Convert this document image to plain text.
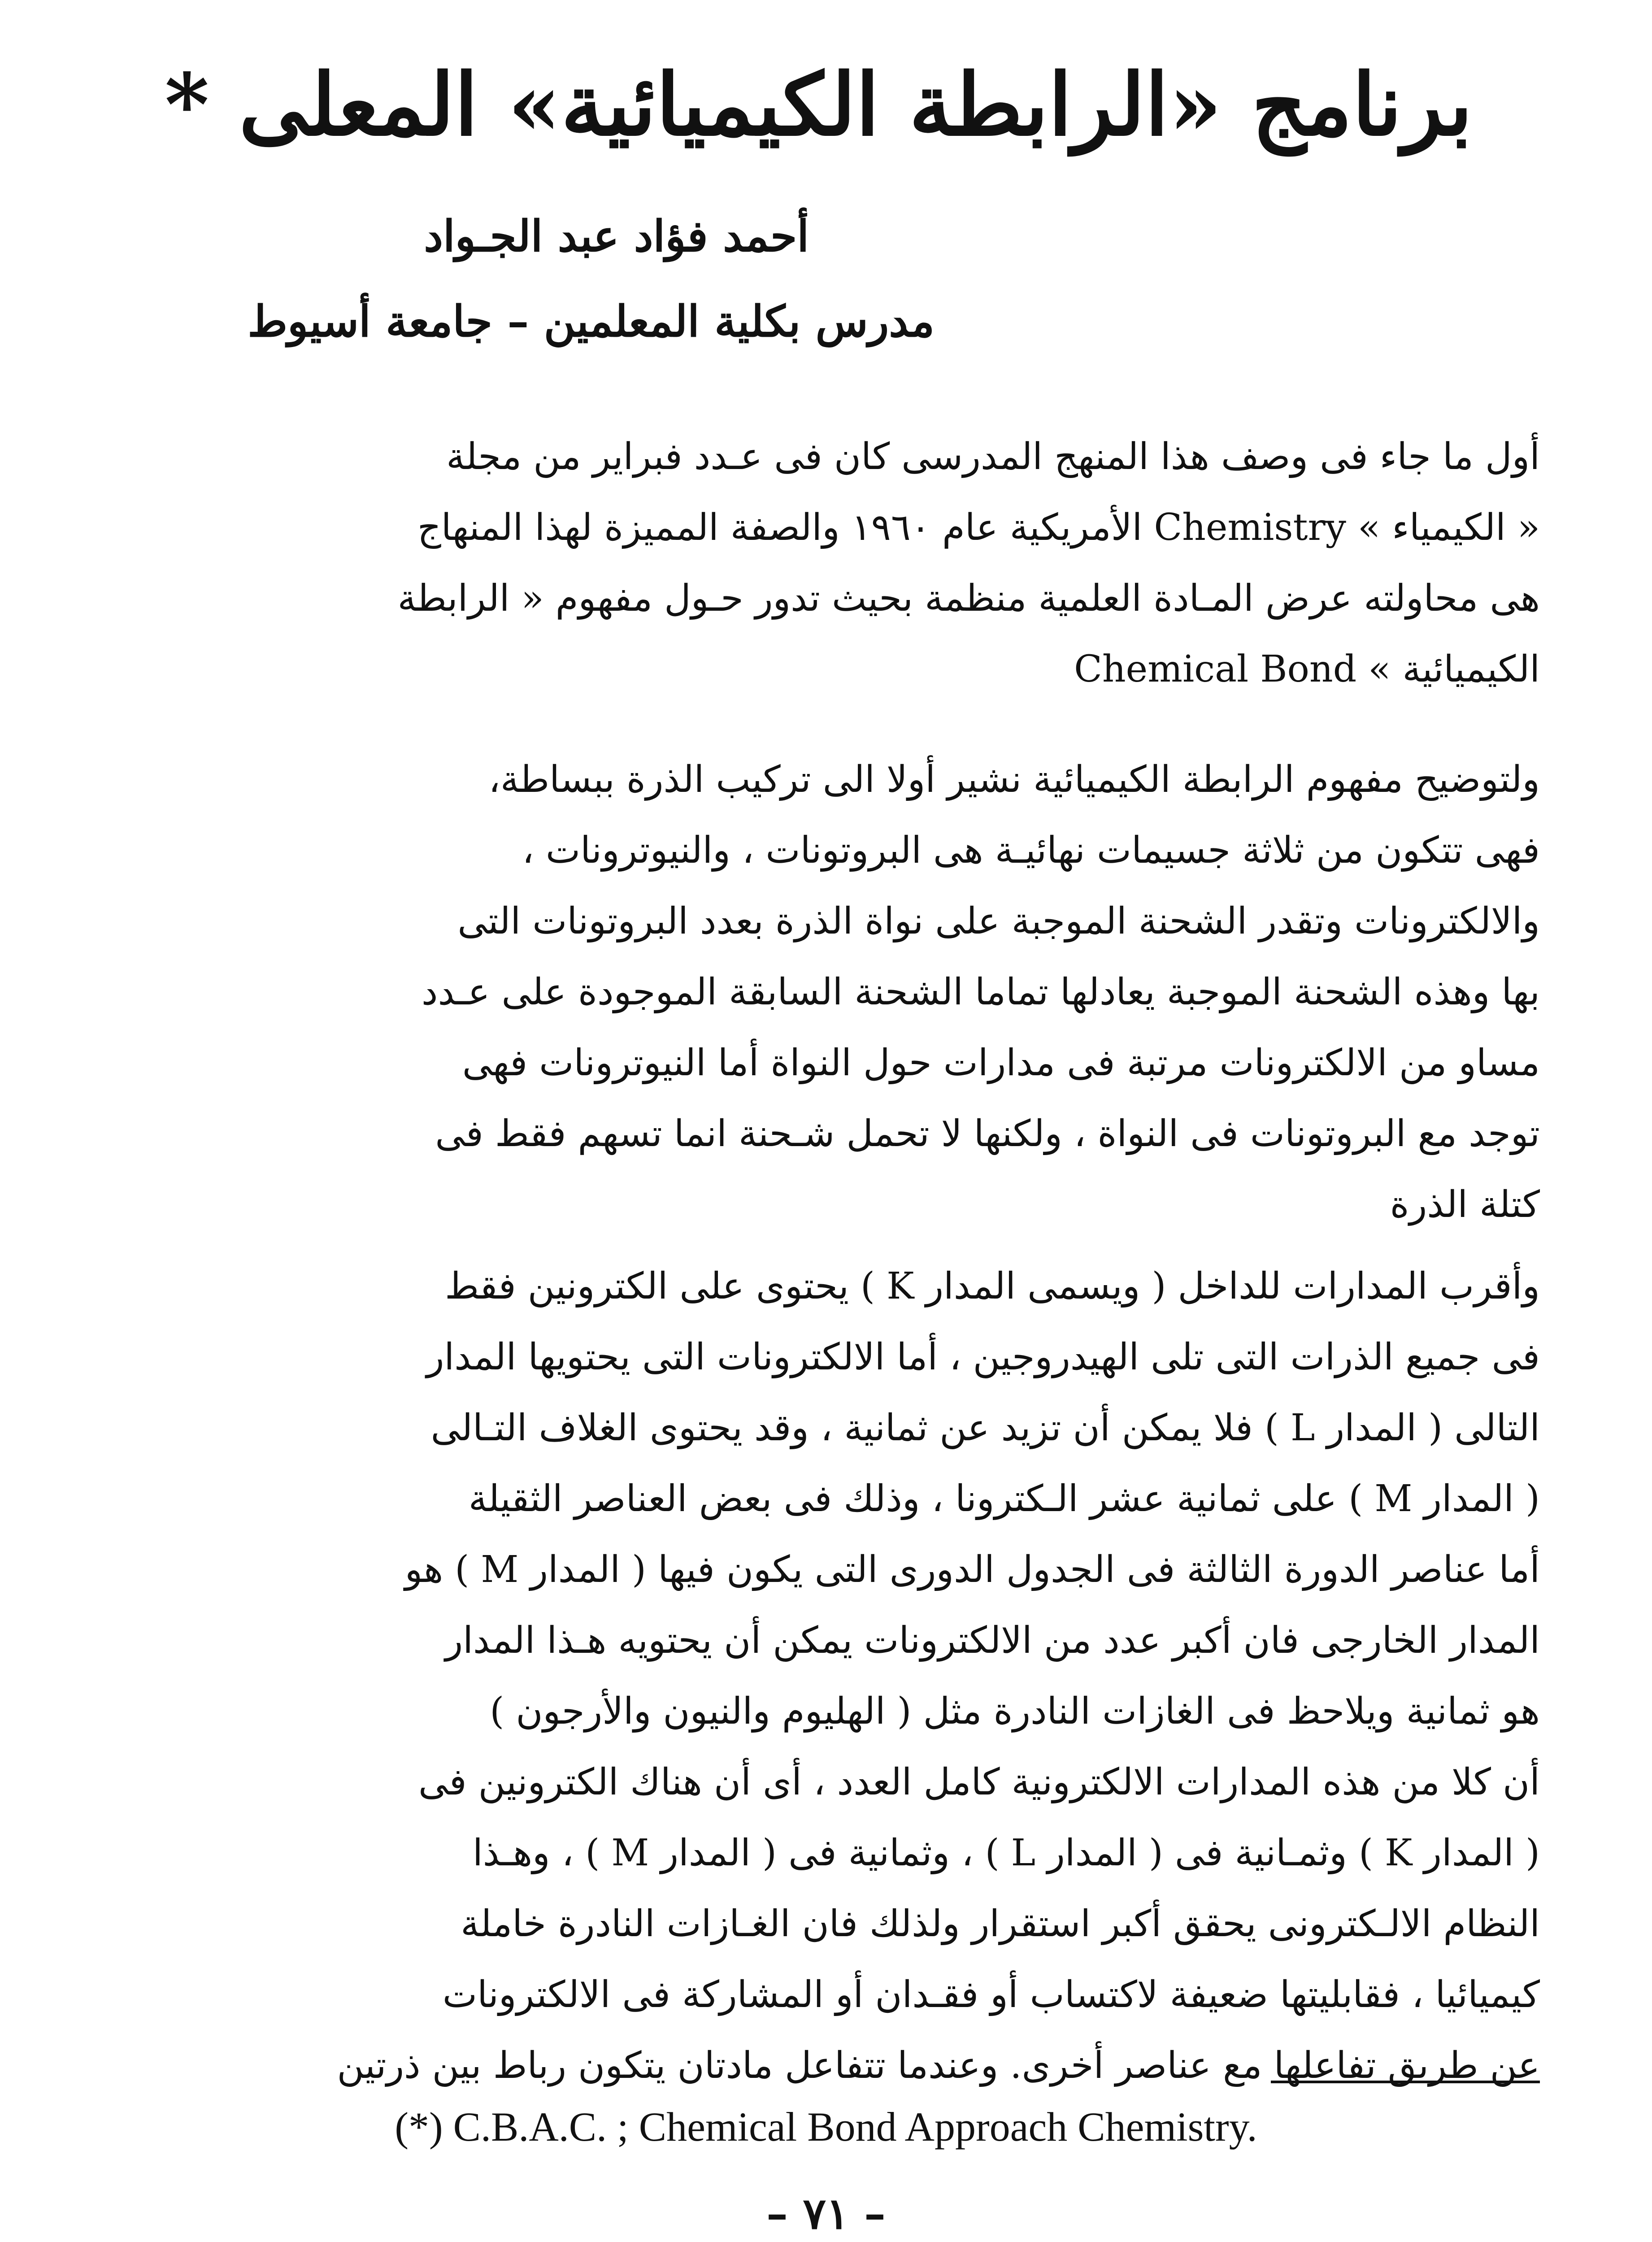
برنامج «الرابطة الكيميائية» المعلى *
أحمد فؤاد عبد الجـواد
مدرس بكلية المعلمين – جامعة أسيوط
أول ما جاء فى وصف هذا المنهج المدرسى كان فى عـدد فبراير من مجلة
« الكيمياء » Chemistry الأمريكية عام ١٩٦٠ والصفة المميزة لهذا المنهاج
هى محاولته عرض المـادة العلمية منظمة بحيث تدور حـول مفهوم « الرابطة
الكيميائية » Chemical Bond
ولتوضيح مفهوم الرابطة الكيميائية نشير أولا الى تركيب الذرة ببساطة،
فهى تتكون من ثلاثة جسيمات نهائيـة هى البروتونات ، والنيوترونات ،
والالكترونات وتقدر الشحنة الموجبة على نواة الذرة بعدد البروتونات التى
بها وهذه الشحنة الموجبة يعادلها تماما الشحنة السابقة الموجودة على عـدد
مساو من الالكترونات مرتبة فى مدارات حول النواة أما النيوترونات فهى
توجد مع البروتونات فى النواة ، ولكنها لا تحمل شـحنة انما تسهم فقط فى
كتلة الذرة
وأقرب المدارات للداخل ( ويسمى المدار K ) يحتوى على الكترونين فقط
فى جميع الذرات التى تلى الهيدروجين ، أما الالكترونات التى يحتويها المدار
التالى ( المدار L ) فلا يمكن أن تزيد عن ثمانية ، وقد يحتوى الغلاف التـالى
( المدار M ) على ثمانية عشر الـكترونا ، وذلك فى بعض العناصر الثقيلة
أما عناصر الدورة الثالثة فى الجدول الدورى التى يكون فيها ( المدار M ) هو
المدار الخارجى فان أكبر عدد من الالكترونات يمكن أن يحتويه هـذا المدار
هو ثمانية ويلاحظ فى الغازات النادرة مثل ( الهليوم والنيون والأرجون )
أن كلا من هذه المدارات الالكترونية كامل العدد ، أى أن هناك الكترونين فى
( المدار K ) وثمـانية فى ( المدار L ) ، وثمانية فى ( المدار M ) ، وهـذا
النظام الالـكترونى يحقق أكبر استقرار ولذلك فان الغـازات النادرة خاملة
كيميائيا ، فقابليتها ضعيفة لاكتساب أو فقـدان أو المشاركة فى الالكترونات
عن طريق تفاعلها مع عناصر أخرى. وعندما تتفاعل مادتان يتكون رباط بين ذرتين
(*) C.B.A.C. ; Chemical Bond Approach Chemistry.
– ٧١ –
